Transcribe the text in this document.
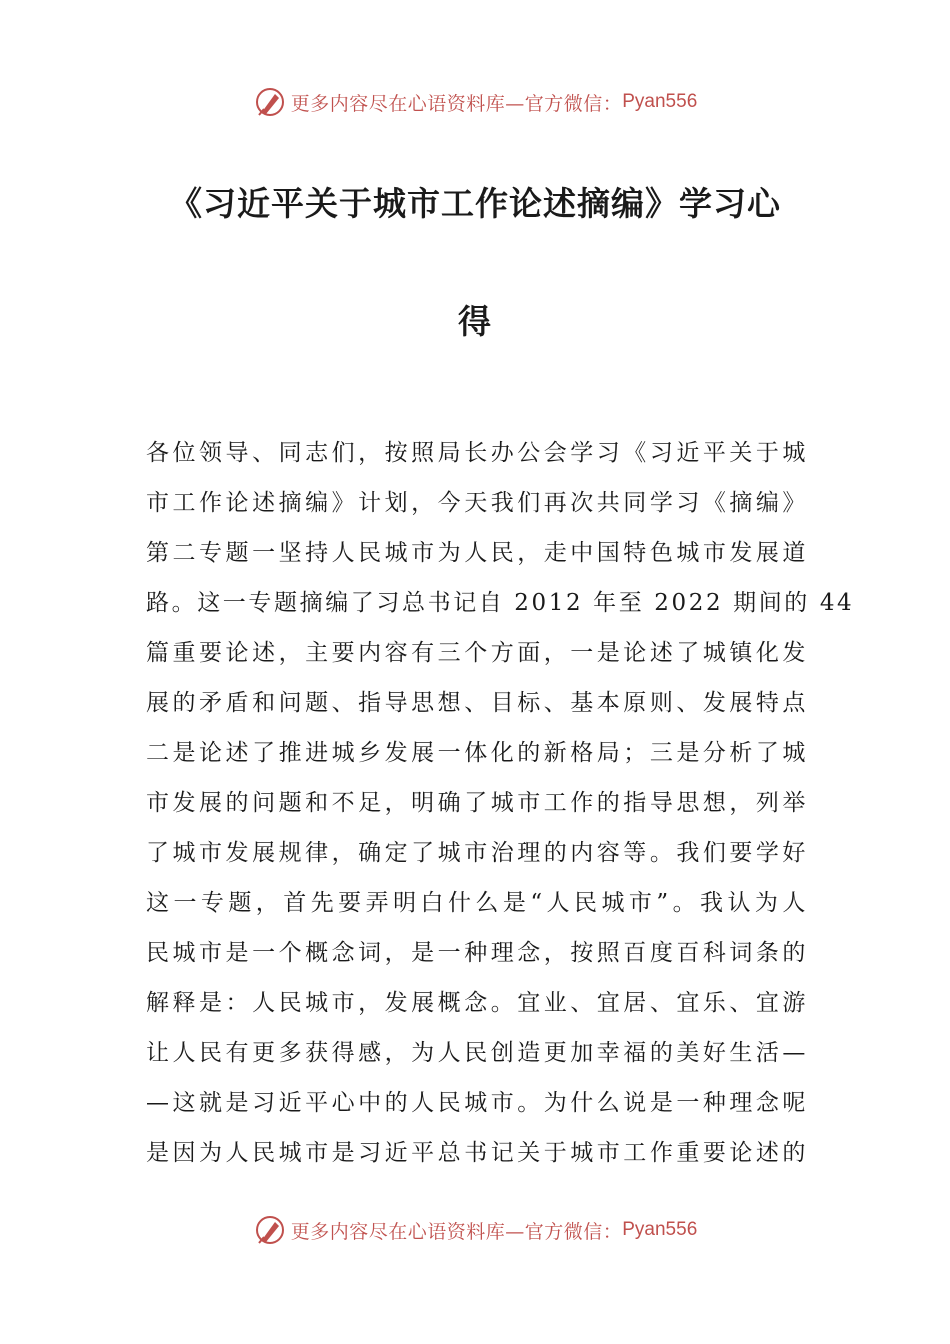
更多内容尽在心语资料库—官方微信： Pyan556
《习近平关于城市工作论述摘编》学习心
得
各位领导、同志们，按照局长办公会学习《习近平关于城
市工作论述摘编》计划，今天我们再次共同学习《摘编》
第二专题一坚持人民城市为人民，走中国特色城市发展道
路。这一专题摘编了习总书记自 2012 年至 2022 期间的 44
篇重要论述，主要内容有三个方面，一是论述了城镇化发
展的矛盾和问题、指导思想、目标、基本原则、发展特点
二是论述了推进城乡发展一体化的新格局；三是分析了城
市发展的问题和不足，明确了城市工作的指导思想，列举
了城市发展规律，确定了城市治理的内容等。我们要学好
这一专题，首先要弄明白什么是“人民城市”。我认为人
民城市是一个概念词，是一种理念，按照百度百科词条的
解释是：人民城市，发展概念。宜业、宜居、宜乐、宜游
让人民有更多获得感，为人民创造更加幸福的美好生活—
—这就是习近平心中的人民城市。为什么说是一种理念呢
是因为人民城市是习近平总书记关于城市工作重要论述的
更多内容尽在心语资料库—官方微信： Pyan556
